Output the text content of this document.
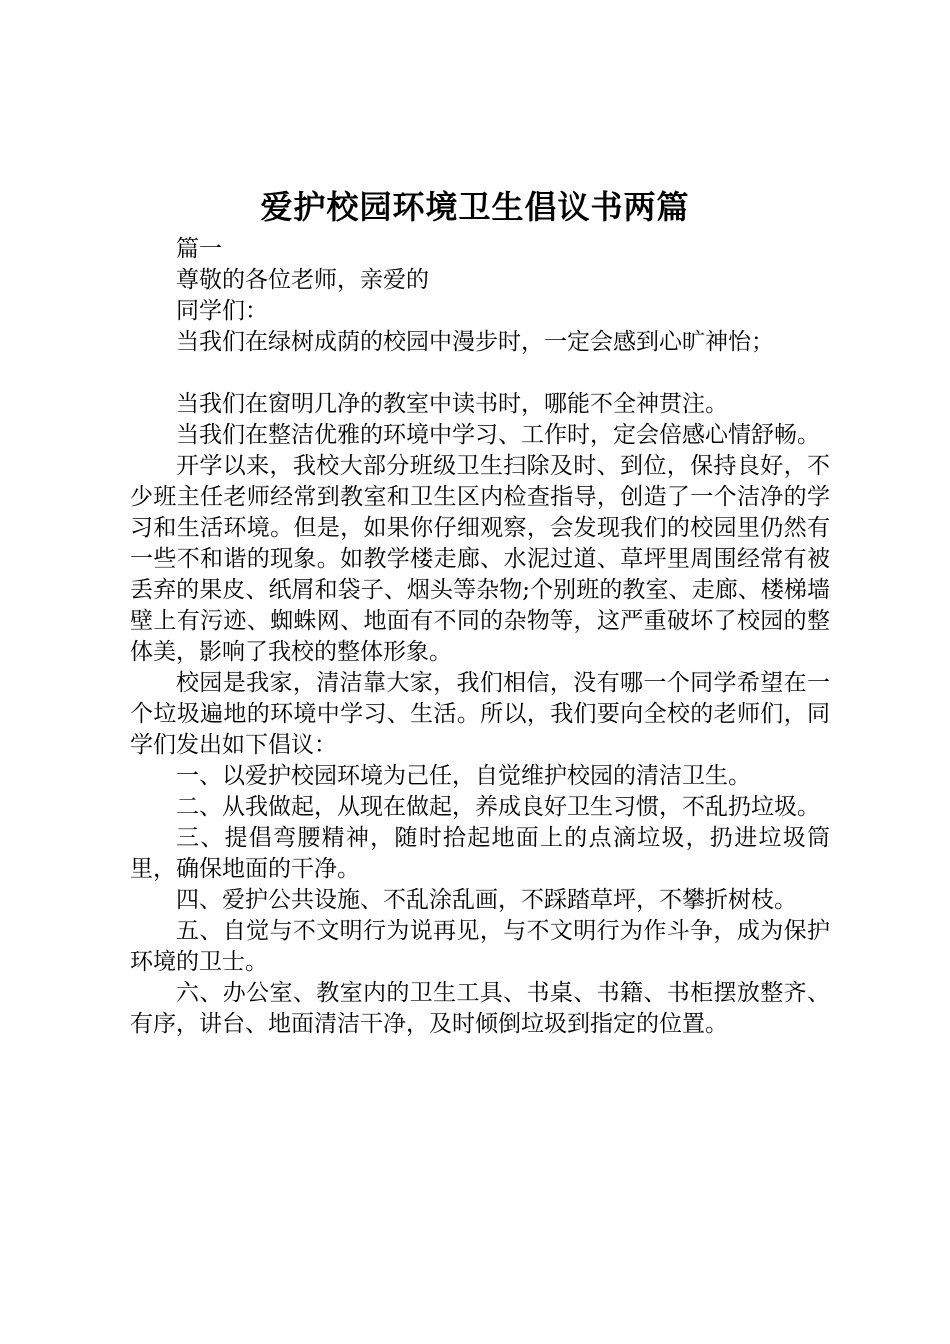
爱护校园环境卫生倡议书两篇

篇一

尊敬的各位老师，亲爱的

同学们：

当我们在绿树成荫的校园中漫步时，一定会感到心旷神怡；

当我们在窗明几净的教室中读书时，哪能不全神贯注。

当我们在整洁优雅的环境中学习、工作时，定会倍感心情舒畅。

开学以来，我校大部分班级卫生扫除及时、到位，保持良好，不少班主任老师经常到教室和卫生区内检查指导，创造了一个洁净的学习和生活环境。但是，如果你仔细观察，会发现我们的校园里仍然有一些不和谐的现象。如教学楼走廊、水泥过道、草坪里周围经常有被丢弃的果皮、纸屑和袋子、烟头等杂物;个别班的教室、走廊、楼梯墙壁上有污迹、蜘蛛网、地面有不同的杂物等，这严重破坏了校园的整体美，影响了我校的整体形象。

校园是我家，清洁靠大家，我们相信，没有哪一个同学希望在一个垃圾遍地的环境中学习、生活。所以，我们要向全校的老师们，同学们发出如下倡议：

一、以爱护校园环境为己任，自觉维护校园的清洁卫生。

二、从我做起，从现在做起，养成良好卫生习惯，不乱扔垃圾。

三、提倡弯腰精神，随时拾起地面上的点滴垃圾，扔进垃圾筒里，确保地面的干净。

四、爱护公共设施、不乱涂乱画，不踩踏草坪，不攀折树枝。

五、自觉与不文明行为说再见，与不文明行为作斗争，成为保护环境的卫士。

六、办公室、教室内的卫生工具、书桌、书籍、书柜摆放整齐、有序，讲台、地面清洁干净，及时倾倒垃圾到指定的位置。
